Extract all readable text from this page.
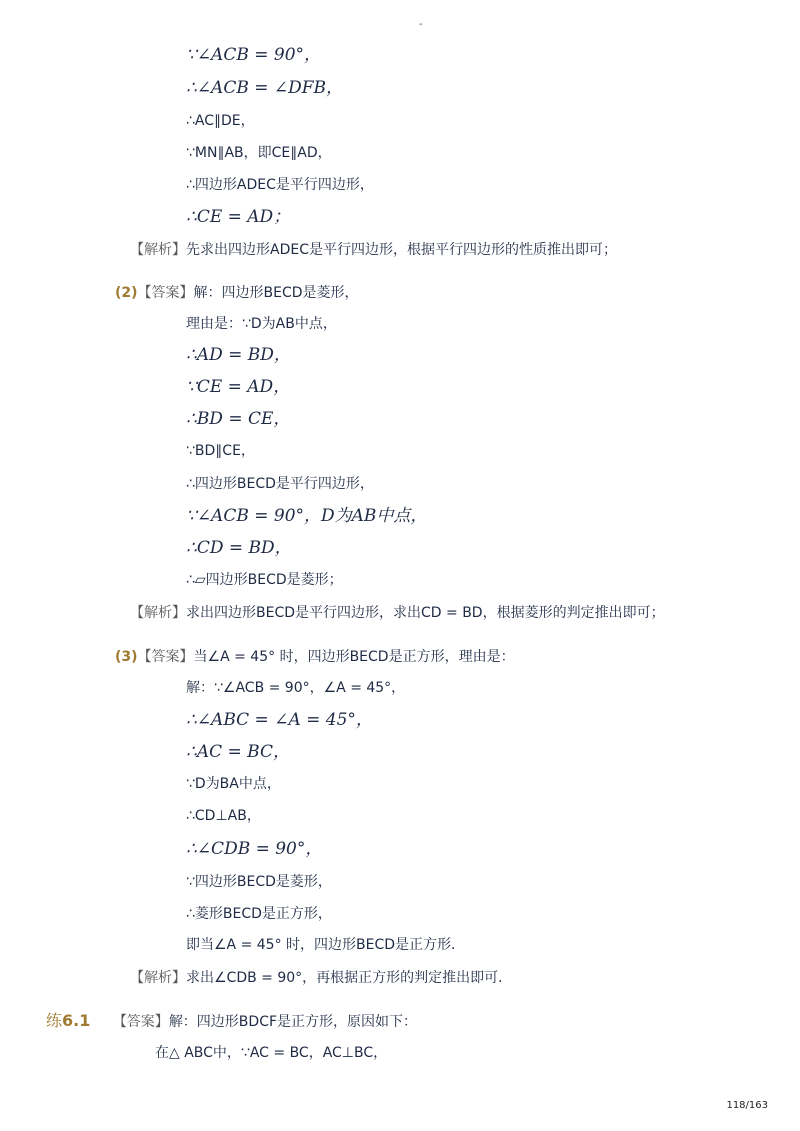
-
∵∠ACB = 90°，
∴∠ACB = ∠DFB，
∴AC∥DE，
∵MN∥AB，即CE∥AD，
∴四边形ADEC是平行四边形，
∴CE = AD；
【解析】先求出四边形ADEC是平行四边形，根据平行四边形的性质推出即可；
(2)【答案】解：四边形BECD是菱形，
理由是：∵D为AB中点，
∴AD = BD，
∵CE = AD，
∴BD = CE，
∵BD∥CE，
∴四边形BECD是平行四边形，
∵∠ACB = 90°，D为AB中点，
∴CD = BD，
∴▱四边形BECD是菱形；
【解析】求出四边形BECD是平行四边形，求出CD = BD，根据菱形的判定推出即可；
(3)【答案】当∠A = 45° 时，四边形BECD是正方形，理由是：
解：∵∠ACB = 90°，∠A = 45°，
∴∠ABC = ∠A = 45°，
∴AC = BC，
∵D为BA中点，
∴CD⊥AB，
∴∠CDB = 90°，
∵四边形BECD是菱形，
∴菱形BECD是正方形，
即当∠A = 45° 时，四边形BECD是正方形．
【解析】求出∠CDB = 90°，再根据正方形的判定推出即可．
练6.1 【答案】解：四边形BDCF是正方形，原因如下：
在△ ABC中，∵AC = BC，AC⊥BC，
118/163
